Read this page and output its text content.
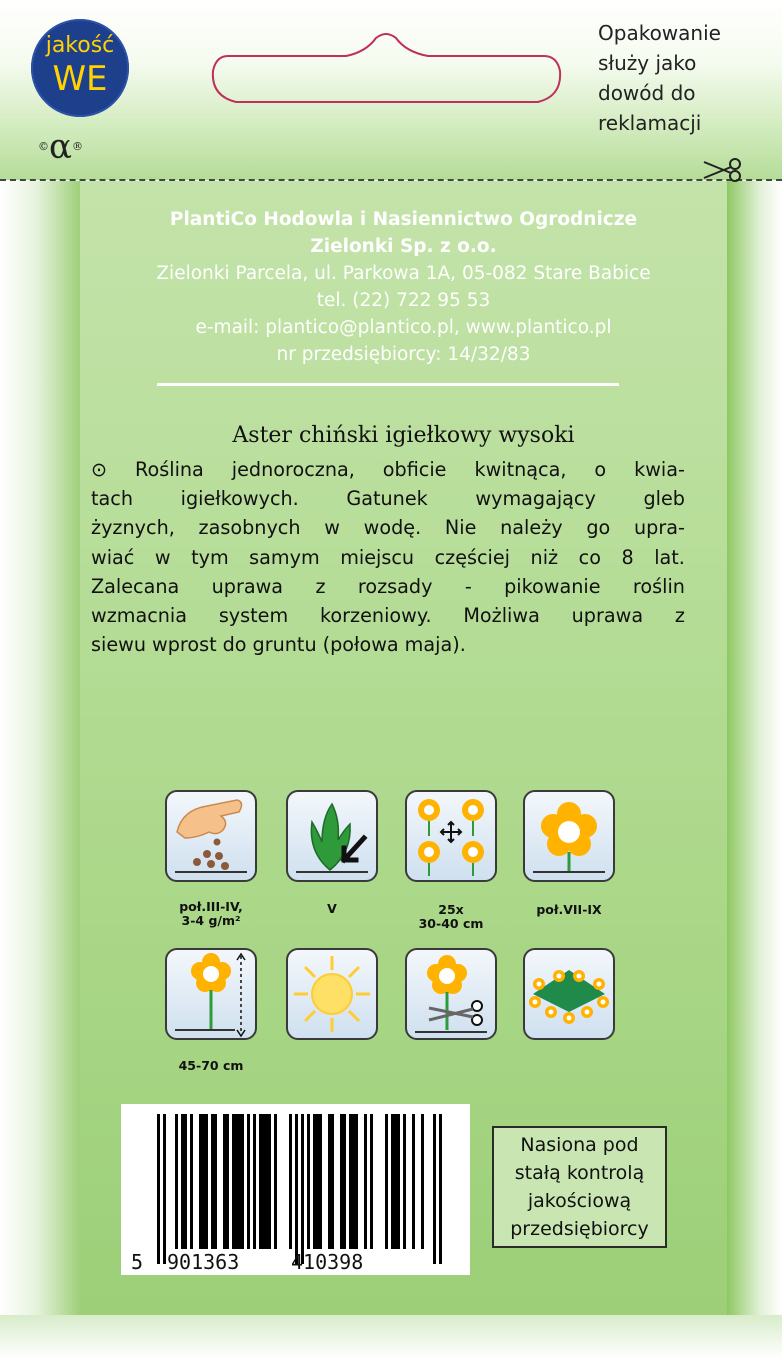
jakość
WE
©α®
Opakowanie
służy jako
dowód do
reklamacji
PlantiCo Hodowla i Nasiennictwo Ogrodnicze
Zielonki Sp. z o.o.
Zielonki Parcela, ul. Parkowa 1A, 05-082 Stare Babice
tel. (22) 722 95 53
e-mail: plantico@plantico.pl, www.plantico.pl
nr przedsiębiorcy: 14/32/83
Aster chiński igiełkowy wysoki
⊙ Roślina jednoroczna, obficie kwitnąca, o kwia-
tach igiełkowych. Gatunek wymagający gleb
żyznych, zasobnych w wodę. Nie należy go upra-
wiać w tym samym miejscu częściej niż co 8 lat.
Zalecana uprawa z rozsady - pikowanie roślin
wzmacnia system korzeniowy. Możliwa uprawa z
siewu wprost do gruntu (połowa maja).
poł.III-IV,
3-4 g/m²
V	25x
30-40 cm
poł.VII-IX
45-70 cm
5 901363	410398
Nasiona pod
stałą kontrolą
jakościową
przedsiębiorcy
